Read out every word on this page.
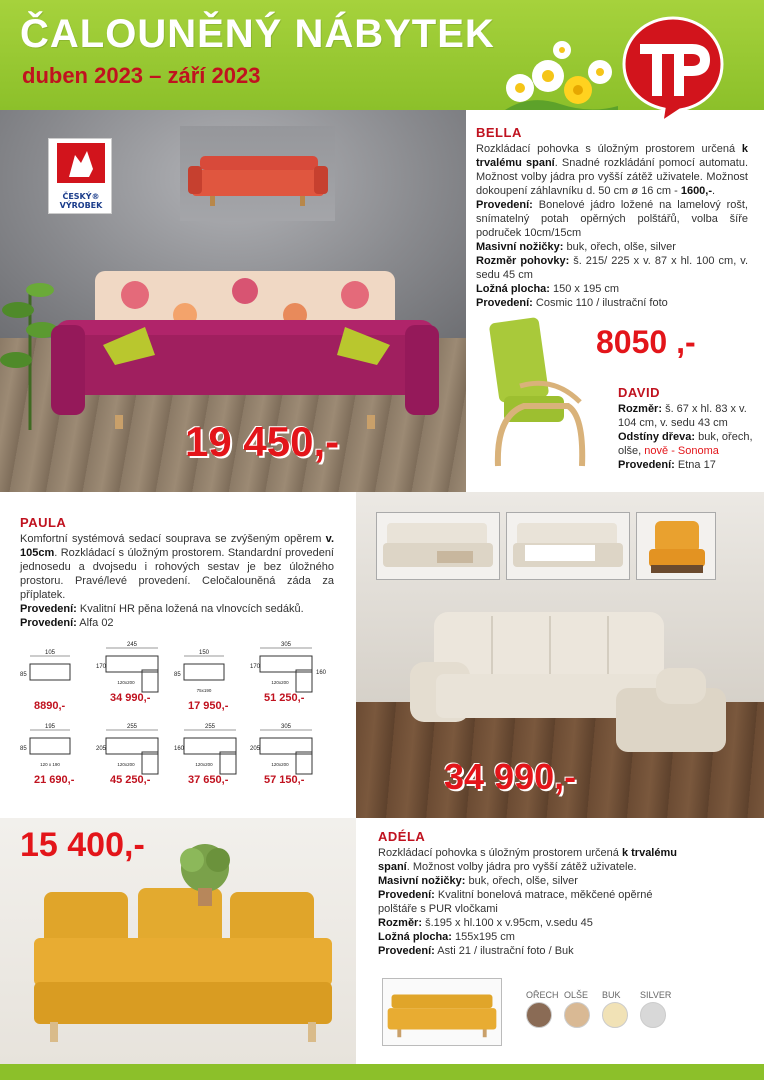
ČALOUNĚNÝ NÁBYTEK
duben 2023 – září 2023
ČESKÝ®
VÝROBEK
19 450,-
BELLA

Rozkládací pohovka s úložným prostorem určená k trvalému spaní. Snadné rozkládání pomocí automatu. Možnost volby jádra pro vyšší zátěž uživatele. Možnost dokoupení záhlavníku d. 50 cm ø 16 cm - 1600,-.

Provedení: Bonelové jádro ložené na lamelový rošt, snímatelný potah opěrných polštářů, volba šíře područek 10cm/15cm

Masivní nožičky: buk, ořech, olše, silver

Rozměr pohovky: š. 215/ 225 x v. 87 x hl. 100 cm, v. sedu 45 cm

Ložná plocha: 150 x 195 cm

Provedení: Cosmic 110 / ilustrační foto

8050 ,-
DAVID

Rozměr: š. 67 x hl. 83 x v. 104 cm, v. sedu 43 cm

Odstíny dřeva: buk, ořech, olše, nově - Sonoma

Provedení: Etna 17

PAULA

Komfortní systémová sedací souprava se zvýšeným opěrem v. 105cm. Rozkládací s úložným prostorem. Standardní provedení jednosedu a dvojsedu i rohových sestav je bez úložného prostoru. Pravé/levé provedení. Celočalouněná záda za příplatek.

Provedení: Kvalitní HR pěna ložená na vlnovcích sedáků.

Provedení: Alfa 02

105
85
8890,-
245
170
120x200
34 990,-
150
85
75x190
17 950,-
305
170
160
120x200
51 250,-
195
85
120 x 190
21 690,-
255
205
120x200
45 250,-
255
160
120x200
37 650,-
305
205
120x200
57 150,-	34 990,-
15 400,-	ADÉLA

Rozkládací pohovka s úložným prostorem určená k trvalému spaní. Možnost volby jádra pro vyšší zátěž uživatele.

Masivní nožičky: buk, ořech, olše, silver

Provedení: Kvalitní bonelová matrace, měkčené opěrné polštáře s PUR vločkami

Rozměr: š.195 x hl.100 x v.95cm, v.sedu 45

Ložná plocha: 155x195 cm

Provedení: Asti 21 / ilustrační foto / Buk

OŘECH OLŠE BUK SILVER
